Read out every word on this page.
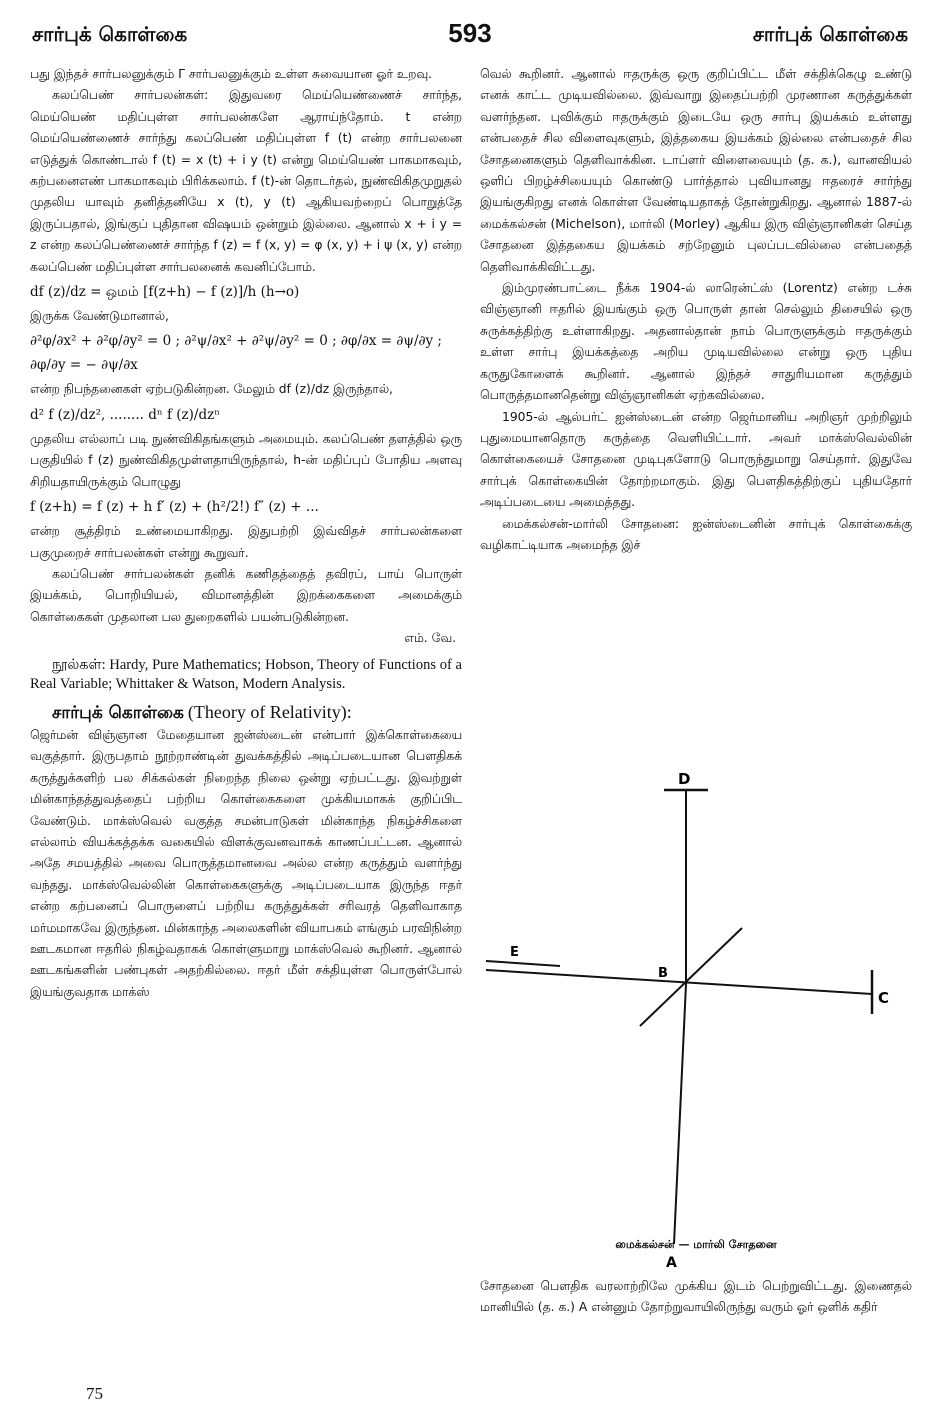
சார்புக் கொள்கை	593	சார்புக் கொள்கை

பது இந்தச் சார்பலனுக்கும் Γ சார்பலனுக்கும் உள்ள சுவையான ஓர் உறவு.

கலப்பெண் சார்பலன்கள்: இதுவரை மெய்யெண்ணைச் சார்ந்த, மெய்யெண் மதிப்புள்ள சார்பலன்களே ஆராய்ந்தோம். t என்ற மெய்யெண்ணைச் சார்ந்து கலப்பெண் மதிப்புள்ள f (t) என்ற சார்பலனை எடுத்துக் கொண்டால் f (t) = x (t) + i y (t) என்று மெய்யெண் பாகமாகவும், கற்பனைஎண் பாகமாகவும் பிரிக்கலாம். f (t)-ன் தொடர்தல், நுண்விகிதமுறுதல் முதலிய யாவும் தனித்தனியே x (t), y (t) ஆகியவற்றைப் பொறுத்தே இருப்பதால், இங்குப் புதிதான விஷயம் ஒன்றும் இல்லை. ஆனால் x + i y = z என்ற கலப்பெண்ணைச் சார்ந்த f (z) = f (x, y) = φ (x, y) + i ψ (x, y) என்ற கலப்பெண் மதிப்புள்ள சார்பலனைக் கவனிப்போம்.

df (z)/dz = ஒமம் [f(z+h) − f (z)]/h (h→o)

இருக்க வேண்டுமானால்,

∂²φ/∂x² + ∂²φ/∂y² = 0 ; ∂²ψ/∂x² + ∂²ψ/∂y² = 0 ; ∂φ/∂x = ∂ψ/∂y ; ∂φ/∂y = − ∂ψ/∂x

என்ற நிபந்தனைகள் ஏற்படுகின்றன. மேலும் df (z)/dz இருந்தால்,

d² f (z)/dz², ........ dⁿ f (z)/dzⁿ

முதலிய எல்லாப் படி நுண்விகிதங்களும் அமையும். கலப்பெண் தளத்தில் ஒரு பகுதியில் f (z) நுண்விகிதமுள்ளதாயிருந்தால், h-ன் மதிப்புப் போதிய அளவு சிறியதாயிருக்கும் பொழுது

f (z+h) = f (z) + h f′ (z) + (h²/2!) f″ (z) + ...

என்ற சூத்திரம் உண்மையாகிறது. இதுபற்றி இவ்விதச் சார்பலன்களை பகுமுறைச் சார்பலன்கள் என்று கூறுவர்.

கலப்பெண் சார்பலன்கள் தனிக் கணிதத்தைத் தவிரப், பாய் பொருள் இயக்கம், பொறியியல், விமானத்தின் இறக்கைகளை அமைக்கும் கொள்கைகள் முதலான பல துறைகளில் பயன்படுகின்றன.

எம். வே.

நூல்கள்: Hardy, Pure Mathematics; Hobson, Theory of Functions of a Real Variable; Whittaker & Watson, Modern Analysis.

சார்புக் கொள்கை (Theory of Relativity):

ஜெர்மன் விஞ்ஞான மேதையான ஐன்ஸ்டைன் என்பார் இக்கொள்கையை வகுத்தார். இருபதாம் நூற்றாண்டின் துவக்கத்தில் அடிப்படையான பௌதிகக் கருத்துக்களிற் பல சிக்கல்கள் நிறைந்த நிலை ஒன்று ஏற்பட்டது. இவற்றுள் மின்காந்தத்துவத்தைப் பற்றிய கொள்கைகளை முக்கியமாகக் குறிப்பிட வேண்டும். மாக்ஸ்வெல் வகுத்த சமன்பாடுகள் மின்காந்த நிகழ்ச்சிகளை எல்லாம் வியக்கத்தக்க வகையில் விளக்குவனவாகக் காணப்பட்டன. ஆனால் அதே சமயத்தில் அவை பொருத்தமானவை அல்ல என்ற கருத்தும் வளர்ந்து வந்தது. மாக்ஸ்வெல்லின் கொள்கைகளுக்கு அடிப்படையாக இருந்த ஈதர் என்ற கற்பனைப் பொருளைப் பற்றிய கருத்துக்கள் சரிவரத் தெளிவாகாத மர்மமாகவே இருந்தன. மின்காந்த அலைகளின் வியாபகம் எங்கும் பரவிநின்ற ஊடகமான ஈதரில் நிகழ்வதாகக் கொள்ளுமாறு மாக்ஸ்வெல் கூறினர். ஆனால் ஊடகங்களின் பண்புகள் அதற்கில்லை. ஈதர் மீள் சக்தியுள்ள பொருள்போல் இயங்குவதாக மாக்ஸ்

வெல் கூறினர். ஆனால் ஈதருக்கு ஒரு குறிப்பிட்ட மீள் சக்திக்கெழு உண்டு எனக் காட்ட முடியவில்லை. இவ்வாறு இதைப்பற்றி முரணான கருத்துக்கள் வளர்ந்தன. புவிக்கும் ஈதருக்கும் இடையே ஒரு சார்பு இயக்கம் உள்ளது என்பதைச் சில விளைவுகளும், இத்தகைய இயக்கம் இல்லை என்பதைச் சில சோதனைகளும் தெளிவாக்கின. டாப்ளர் விளைவையும் (த. க.), வானவியல் ஒளிப் பிறழ்ச்சியையும் கொண்டு பார்த்தால் புவியானது ஈதரைச் சார்ந்து இயங்குகிறது எனக் கொள்ள வேண்டியதாகத் தோன்றுகிறது. ஆனால் 1887-ல் மைக்கல்சன் (Michelson), மார்லி (Morley) ஆகிய இரு விஞ்ஞானிகள் செய்த சோதனை இத்தகைய இயக்கம் சற்றேனும் புலப்படவில்லை என்பதைத் தெளிவாக்கிவிட்டது.

இம்முரண்பாட்டை நீக்க 1904-ல் லாரென்ட்ஸ் (Lorentz) என்ற டச்சு விஞ்ஞானி ஈதரில் இயங்கும் ஒரு பொருள் தான் செல்லும் திசையில் ஒரு சுருக்கத்திற்கு உள்ளாகிறது. அதனால்தான் நாம் பொருளுக்கும் ஈதருக்கும் உள்ள சார்பு இயக்கத்தை அறிய முடியவில்லை என்று ஒரு புதிய கருதுகோளைக் கூறினர். ஆனால் இந்தச் சாதுரியமான கருத்தும் பொருத்தமானதென்று விஞ்ஞானிகள் ஏற்கவில்லை.

1905-ல் ஆல்பர்ட் ஐன்ஸ்டைன் என்ற ஜெர்மானிய அறிஞர் முற்றிலும் புதுமையானதொரு கருத்தை வெளியிட்டார். அவர் மாக்ஸ்வெல்லின் கொள்கையைச் சோதனை முடிபுகளோடு பொருந்துமாறு செய்தார். இதுவே சார்புக் கொள்கையின் தோற்றமாகும். இது பௌதிகத்திற்குப் புதியதோர் அடிப்படையை அமைத்தது.

மைக்கல்சன்-மார்லி சோதனை: ஐன்ஸ்டைனின் சார்புக் கொள்கைக்கு வழிகாட்டியாக அமைந்த இச்

D
E
B
C
A
மைக்கல்சன் — மார்லி சோதனை

சோதனை பௌதிக வரலாற்றிலே முக்கிய இடம் பெற்றுவிட்டது. இணைதல் மானியில் (த. க.) A என்னும் தோற்றுவாயிலிருந்து வரும் ஓர் ஒளிக் கதிர்

75
